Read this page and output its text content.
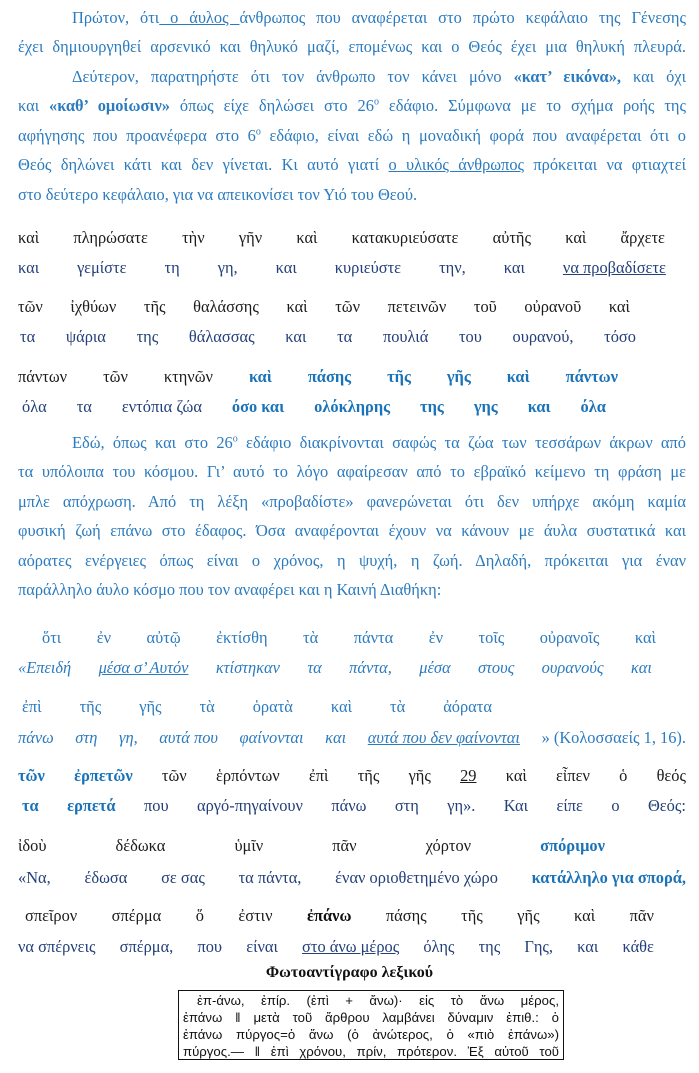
Πρώτον, ότι ο άυλος άνθρωπος που αναφέρεται στο πρώτο κεφάλαιο της Γένεσης
έχει δημιουργηθεί αρσενικό και θηλυκό μαζί, επομένως και ο Θεός έχει μια θηλυκή πλευρά.
Δεύτερον, παρατηρήστε ότι τον άνθρωπο τον κάνει μόνο «κατ’ εικόνα», και όχι
και «καθ’ ομοίωσιν» όπως είχε δηλώσει στο $26^o$ εδάφιο. Σύμφωνα με το σχήμα ροής της
αφήγησης που προανέφερα στο $6^o$ εδάφιο, είναι εδώ η μοναδική φορά που αναφέρεται ότι ο
Θεός δηλώνει κάτι και δεν γίνεται. Κι αυτό γιατί ο υλικός άνθρωπος πρόκειται να φτιαχτεί
στο δεύτερο κεφάλαιο, για να απεικονίσει τον Υιό του Θεού.
καὶ πληρώσατε τὴν γῆν καὶ κατακυριεύσατε αὐτῆς καὶ ἄρχετε
και γεμίστε τη γη, και κυριεύστε την, και να προβαδίσετε
τῶν ἰχθύων τῆς θαλάσσης καὶ τῶν πετεινῶν τοῦ οὐρανοῦ καὶ
τα ψάρια της θάλασσας και τα πουλιά του ουρανού, τόσο
πάντων τῶν κτηνῶν καὶ πάσης τῆς γῆς καὶ πάντων
όλα τα εντόπια ζώα όσο και ολόκληρης της γης και όλα
Εδώ, όπως και στο $26^o$ εδάφιο διακρίνονται σαφώς τα ζώα των τεσσάρων άκρων από
τα υπόλοιπα του κόσμου. Γι’ αυτό το λόγο αφαίρεσαν από το εβραϊκό κείμενο τη φράση με
μπλε απόχρωση. Από τη λέξη «προβαδίστε» φανερώνεται ότι δεν υπήρχε ακόμη καμία
φυσική ζωή επάνω στο έδαφος. Όσα αναφέρονται έχουν να κάνουν με άυλα συστατικά και
αόρατες ενέργειες όπως είναι ο χρόνος, η ψυχή, η ζωή. Δηλαδή, πρόκειται για έναν
παράλληλο άυλο κόσμο που τον αναφέρει και η Καινή Διαθήκη:
ὅτι ἐν αὐτῷ ἐκτίσθη τὰ πάντα ἐν τοῖς οὐρανοῖς καὶ
«Επειδή μέσα σ’ Αυτόν κτίστηκαν τα πάντα, μέσα στους ουρανούς και
ἐπὶ τῆς γῆς τὰ ὁρατὰ καὶ τὰ ἀόρατα
πάνω στη γη, αυτά που φαίνονται και αυτά που δεν φαίνονται » (Κολοσσαείς 1, 16).
τῶν ἐρπετῶν τῶν ἑρπόντων ἐπὶ τῆς γῆς 29 καὶ εἶπεν ὁ θεός
τα ερπετά που αργό-πηγαίνουν πάνω στη γη». Και είπε ο Θεός:
ἰδοὺ	δέδωκα	ὑμῖν	πᾶν	χόρτον	σπόριμον
«Να, έδωσα σε σας τα πάντα, έναν οριοθετημένο χώρο κατάλληλο για σπορά,
σπεῖρον σπέρμα ὅ ἐστιν ἐπάνω πάσης τῆς γῆς καὶ πᾶν
να σπέρνεις σπέρμα, που είναι στο άνω μέρος όλης της Γης, και κάθε
Φωτοαντίγραφο λεξικού
ἐπ-άνω, ἐπίρ. (ἐπὶ + ἄνω)· εἰς τὸ ἄνω μέρος,
ἐπάνω ‖ μετὰ τοῦ ἄρθρου λαμβάνει δύναμιν ἐπιθ.: ὁ
ἐπάνω πύργος=ὁ ἄνω (ὁ ἀνώτερος, ὁ «πιὸ ἐπάνω»)
πύργος.— ‖ ἐπὶ χρόνου, πρίν, πρότερον. Ἐξ αὐτοῦ τοῦ
